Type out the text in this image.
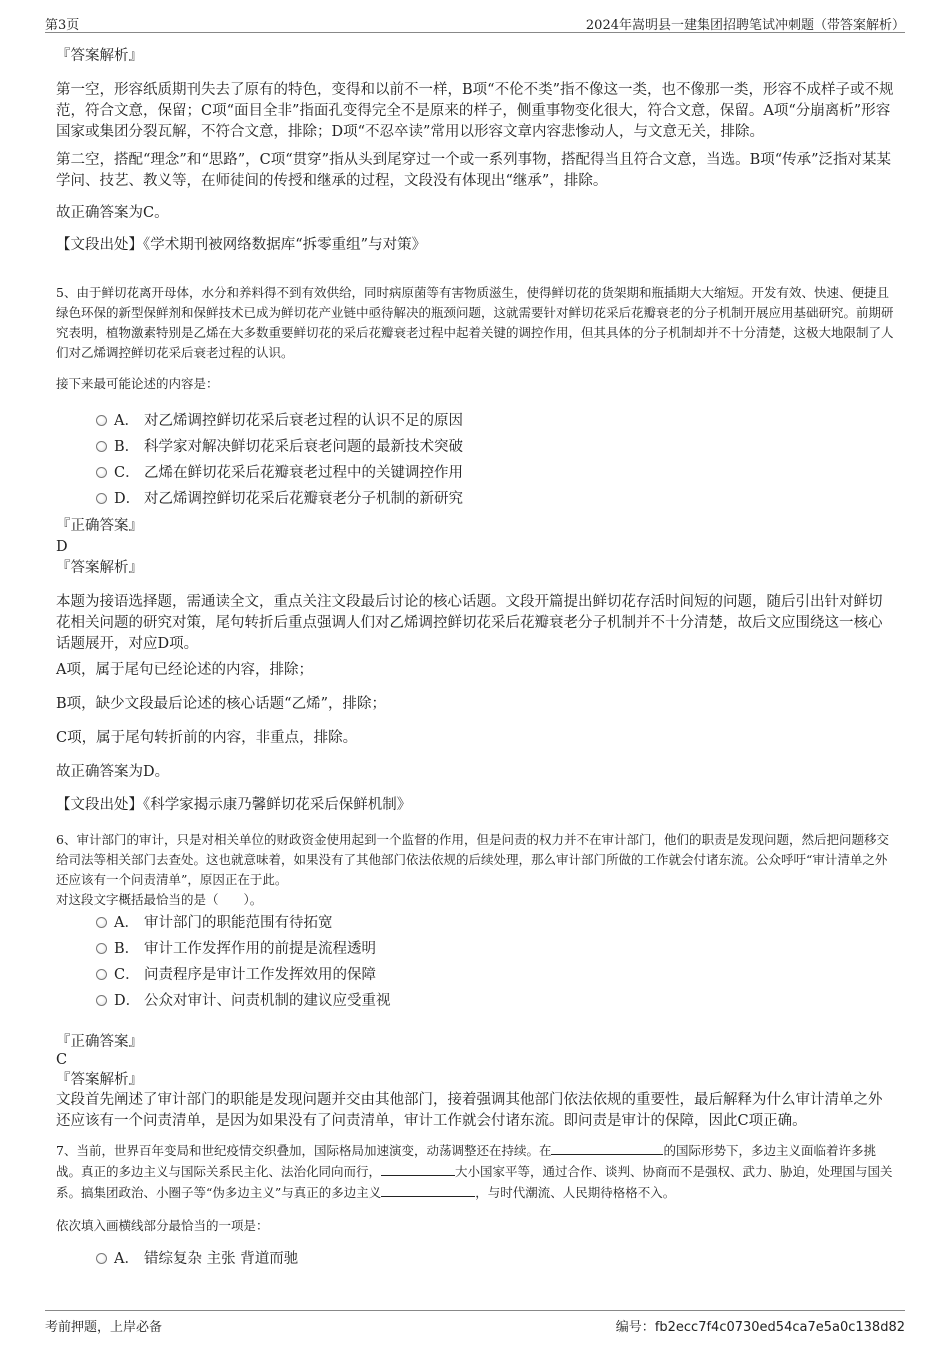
第3页	2024年嵩明县一建集团招聘笔试冲刺题（带答案解析）
『答案解析』
第一空，形容纸质期刊失去了原有的特色，变得和以前不一样，B项“不伦不类”指不像这一类，也不像那一类，形容不成样子或不规范，符合文意，保留；C项“面目全非”指面孔变得完全不是原来的样子，侧重事物变化很大，符合文意，保留。A项“分崩离析”形容国家或集团分裂瓦解，不符合文意，排除；D项“不忍卒读”常用以形容文章内容悲惨动人，与文意无关，排除。
第二空，搭配“理念”和“思路”，C项“贯穿”指从头到尾穿过一个或一系列事物，搭配得当且符合文意，当选。B项“传承”泛指对某某学问、技艺、教义等，在师徒间的传授和继承的过程，文段没有体现出“继承”，排除。
故正确答案为C。
【文段出处】《学术期刊被网络数据库“拆零重组”与对策》
5、由于鲜切花离开母体，水分和养料得不到有效供给，同时病原菌等有害物质滋生，使得鲜切花的货架期和瓶插期大大缩短。开发有效、快速、便捷且绿色环保的新型保鲜剂和保鲜技术已成为鲜切花产业链中亟待解决的瓶颈问题，这就需要针对鲜切花采后花瓣衰老的分子机制开展应用基础研究。前期研究表明，植物激素特别是乙烯在大多数重要鲜切花的采后花瓣衰老过程中起着关键的调控作用，但其具体的分子机制却并不十分清楚，这极大地限制了人们对乙烯调控鲜切花采后衰老过程的认识。
接下来最可能论述的内容是：
A． 对乙烯调控鲜切花采后衰老过程的认识不足的原因
B． 科学家对解决鲜切花采后衰老问题的最新技术突破
C． 乙烯在鲜切花采后花瓣衰老过程中的关键调控作用
D． 对乙烯调控鲜切花采后花瓣衰老分子机制的新研究
『正确答案』
D
『答案解析』
本题为接语选择题，需通读全文，重点关注文段最后讨论的核心话题。文段开篇提出鲜切花存活时间短的问题，随后引出针对鲜切花相关问题的研究对策，尾句转折后重点强调人们对乙烯调控鲜切花采后花瓣衰老分子机制并不十分清楚，故后文应围绕这一核心话题展开，对应D项。
A项，属于尾句已经论述的内容，排除；
B项，缺少文段最后论述的核心话题“乙烯”，排除；
C项，属于尾句转折前的内容，非重点，排除。
故正确答案为D。
【文段出处】《科学家揭示康乃馨鲜切花采后保鲜机制》
6、审计部门的审计，只是对相关单位的财政资金使用起到一个监督的作用，但是问责的权力并不在审计部门，他们的职责是发现问题，然后把问题移交给司法等相关部门去查处。这也就意味着，如果没有了其他部门依法依规的后续处理，那么审计部门所做的工作就会付诸东流。公众呼吁“审计清单之外还应该有一个问责清单”，原因正在于此。
对这段文字概括最恰当的是（　　）。
A． 审计部门的职能范围有待拓宽
B． 审计工作发挥作用的前提是流程透明
C． 问责程序是审计工作发挥效用的保障
D． 公众对审计、问责机制的建议应受重视
『正确答案』
C
『答案解析』
文段首先阐述了审计部门的职能是发现问题并交由其他部门，接着强调其他部门依法依规的重要性，最后解释为什么审计清单之外还应该有一个问责清单，是因为如果没有了问责清单，审计工作就会付诸东流。即问责是审计的保障，因此C项正确。
7、当前，世界百年变局和世纪疫情交织叠加，国际格局加速演变，动荡调整还在持续。在	的国际形势下，多边主义面临着许多挑战。真正的多边主义与国际关系民主化、法治化同向而行，	大小国家平等，通过合作、谈判、协商而不是强权、武力、胁迫，处理国与国关系。搞集团政治、小圈子等“伪多边主义”与真正的多边主义	，与时代潮流、人民期待格格不入。
依次填入画横线部分最恰当的一项是：
A． 错综复杂 主张 背道而驰
考前押题，上岸必备	编号：fb2ecc7f4c0730ed54ca7e5a0c138d82
